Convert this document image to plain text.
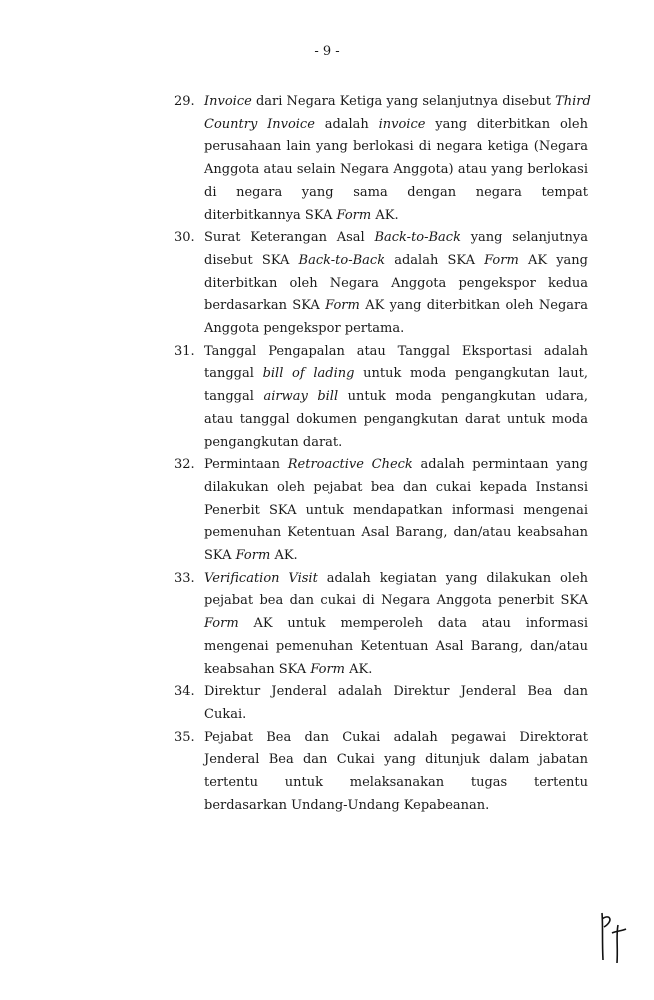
- 9 -
29. Invoice dari Negara Ketiga yang selanjutnya disebut Third
Country Invoice adalah invoice yang diterbitkan oleh
perusahaan lain yang berlokasi di negara ketiga (Negara
Anggota atau selain Negara Anggota) atau yang berlokasi
di negara yang sama dengan negara tempat
diterbitkannya SKA Form AK.
30. Surat Keterangan Asal Back-to-Back yang selanjutnya
disebut SKA Back-to-Back adalah SKA Form AK yang
diterbitkan oleh Negara Anggota pengekspor kedua
berdasarkan SKA Form AK yang diterbitkan oleh Negara
Anggota pengekspor pertama.
31. Tanggal Pengapalan atau Tanggal Eksportasi adalah
tanggal bill of lading untuk moda pengangkutan laut,
tanggal airway bill untuk moda pengangkutan udara,
atau tanggal dokumen pengangkutan darat untuk moda
pengangkutan darat.
32. Permintaan Retroactive Check adalah permintaan yang
dilakukan oleh pejabat bea dan cukai kepada Instansi
Penerbit SKA untuk mendapatkan informasi mengenai
pemenuhan Ketentuan Asal Barang, dan/atau keabsahan
SKA Form AK.
33. Verification Visit adalah kegiatan yang dilakukan oleh
pejabat bea dan cukai di Negara Anggota penerbit SKA
Form AK untuk memperoleh data atau informasi
mengenai pemenuhan Ketentuan Asal Barang, dan/atau
keabsahan SKA Form AK.
34. Direktur Jenderal adalah Direktur Jenderal Bea dan
Cukai.
35. Pejabat Bea dan Cukai adalah pegawai Direktorat
Jenderal Bea dan Cukai yang ditunjuk dalam jabatan
tertentu untuk melaksanakan tugas tertentu
berdasarkan Undang-Undang Kepabeanan.
